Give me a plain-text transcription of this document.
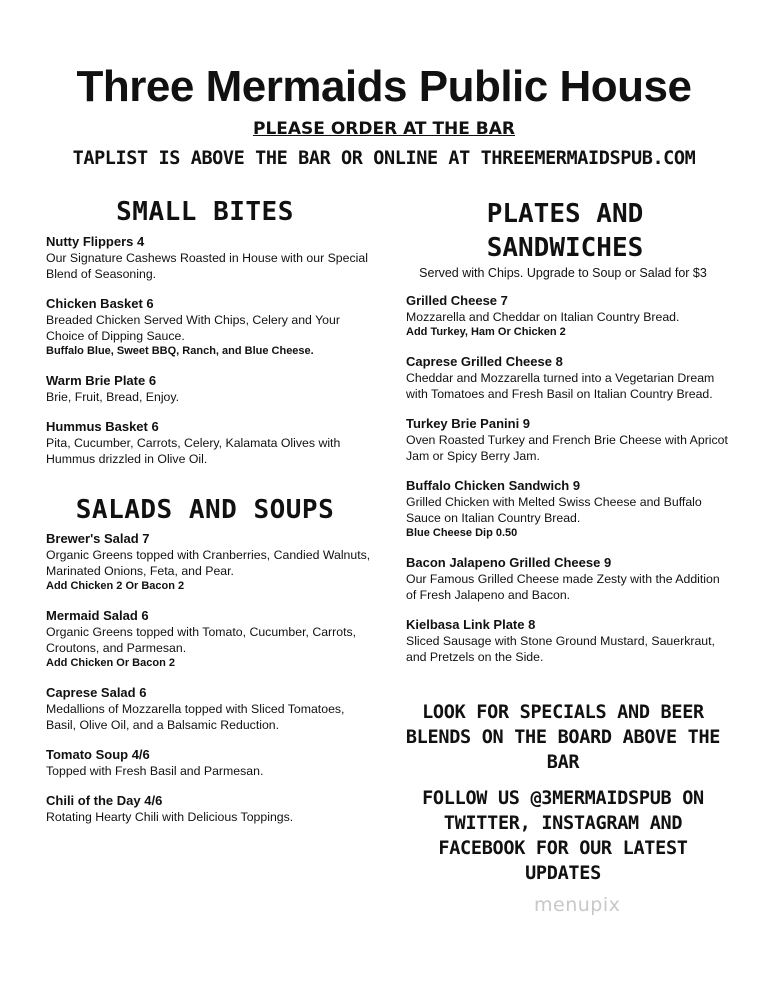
Three Mermaids Public House
PLEASE ORDER AT THE BAR
TAPLIST IS ABOVE THE BAR OR ONLINE AT THREEMERMAIDSPUB.COM
SMALL BITES
Nutty Flippers 4
Our Signature Cashews Roasted in House with our Special Blend of Seasoning.
Chicken Basket 6
Breaded Chicken Served With Chips, Celery and Your Choice of Dipping Sauce.
Buffalo Blue, Sweet BBQ, Ranch, and Blue Cheese.
Warm Brie Plate 6
Brie, Fruit, Bread, Enjoy.
Hummus Basket 6
Pita, Cucumber, Carrots, Celery, Kalamata Olives with Hummus drizzled in Olive Oil.
SALADS AND SOUPS
Brewer's Salad 7
Organic Greens topped with Cranberries, Candied Walnuts, Marinated Onions, Feta, and Pear.
Add Chicken 2 Or Bacon 2
Mermaid Salad 6
Organic Greens topped with Tomato, Cucumber, Carrots, Croutons, and Parmesan.
Add Chicken Or Bacon 2
Caprese Salad 6
Medallions of Mozzarella topped with Sliced Tomatoes, Basil, Olive Oil, and a Balsamic Reduction.
Tomato Soup 4/6
Topped with Fresh Basil and Parmesan.
Chili of the Day 4/6
Rotating Hearty Chili with Delicious Toppings.
PLATES AND
SANDWICHES
Served with Chips. Upgrade to Soup or Salad for $3
Grilled Cheese 7
Mozzarella and Cheddar on Italian Country Bread.
Add Turkey, Ham Or Chicken 2
Caprese Grilled Cheese 8
Cheddar and Mozzarella turned into a Vegetarian Dream with Tomatoes and Fresh Basil on Italian Country Bread.
Turkey Brie Panini 9
Oven Roasted Turkey and French Brie Cheese with Apricot Jam or Spicy Berry Jam.
Buffalo Chicken Sandwich 9
Grilled Chicken with Melted Swiss Cheese and Buffalo Sauce on Italian Country Bread.
Blue Cheese Dip 0.50
Bacon Jalapeno Grilled Cheese 9
Our Famous Grilled Cheese made Zesty with the Addition of Fresh Jalapeno and Bacon.
Kielbasa Link Plate 8
Sliced Sausage with Stone Ground Mustard, Sauerkraut, and Pretzels on the Side.
LOOK FOR SPECIALS AND BEER BLENDS ON THE BOARD ABOVE THE BAR
FOLLOW US @3MERMAIDSPUB ON TWITTER, INSTAGRAM AND FACEBOOK FOR OUR LATEST UPDATES
menupix
